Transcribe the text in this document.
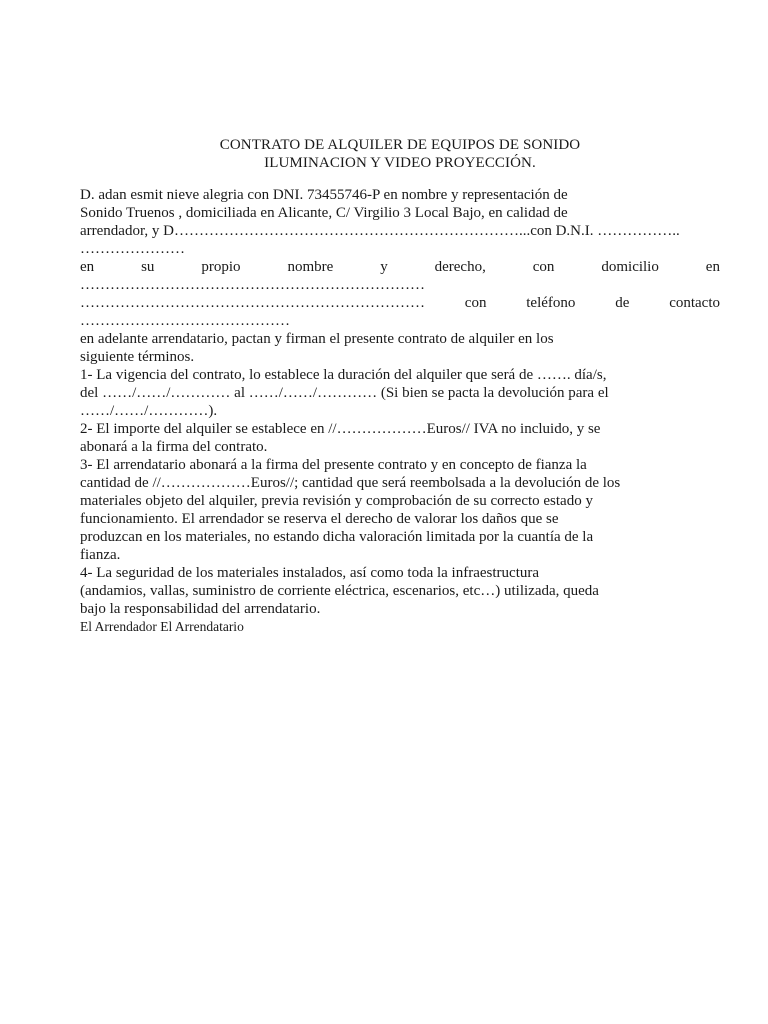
CONTRATO DE ALQUILER DE EQUIPOS DE SONIDO
ILUMINACION Y VIDEO PROYECCIÓN.
D. adan esmit nieve alegria con DNI. 73455746-P en nombre y representación de
Sonido Truenos , domiciliada en Alicante, C/ Virgilio 3 Local Bajo, en calidad de
arrendador, y D……………………………………………………………...con D.N.I. ……………..
…………………
en	su	propio	nombre	y	derecho,	con	domicilio	en
……………………………………………………………
……………………………………………………………	con	teléfono	de	contacto
……………………………………
en adelante arrendatario, pactan y firman el presente contrato de alquiler en los
siguiente términos.
1- La vigencia del contrato, lo establece la duración del alquiler que será de ……. día/s,
del ……/……/………… al ……/……/………… (Si bien se pacta la devolución para el
……/……/…………).
2- El importe del alquiler se establece en //………………Euros// IVA no incluido, y se
abonará a la firma del contrato.
3- El arrendatario abonará a la firma del presente contrato y en concepto de fianza la
cantidad de //………………Euros//; cantidad que será reembolsada a la devolución de los
materiales objeto del alquiler, previa revisión y comprobación de su correcto estado y
funcionamiento. El arrendador se reserva el derecho de valorar los daños que se
produzcan en los materiales, no estando dicha valoración limitada por la cuantía de la
fianza.
4- La seguridad de los materiales instalados, así como toda la infraestructura
(andamios, vallas, suministro de corriente eléctrica, escenarios, etc…) utilizada, queda
bajo la responsabilidad del arrendatario.
El Arrendador El Arrendatario
